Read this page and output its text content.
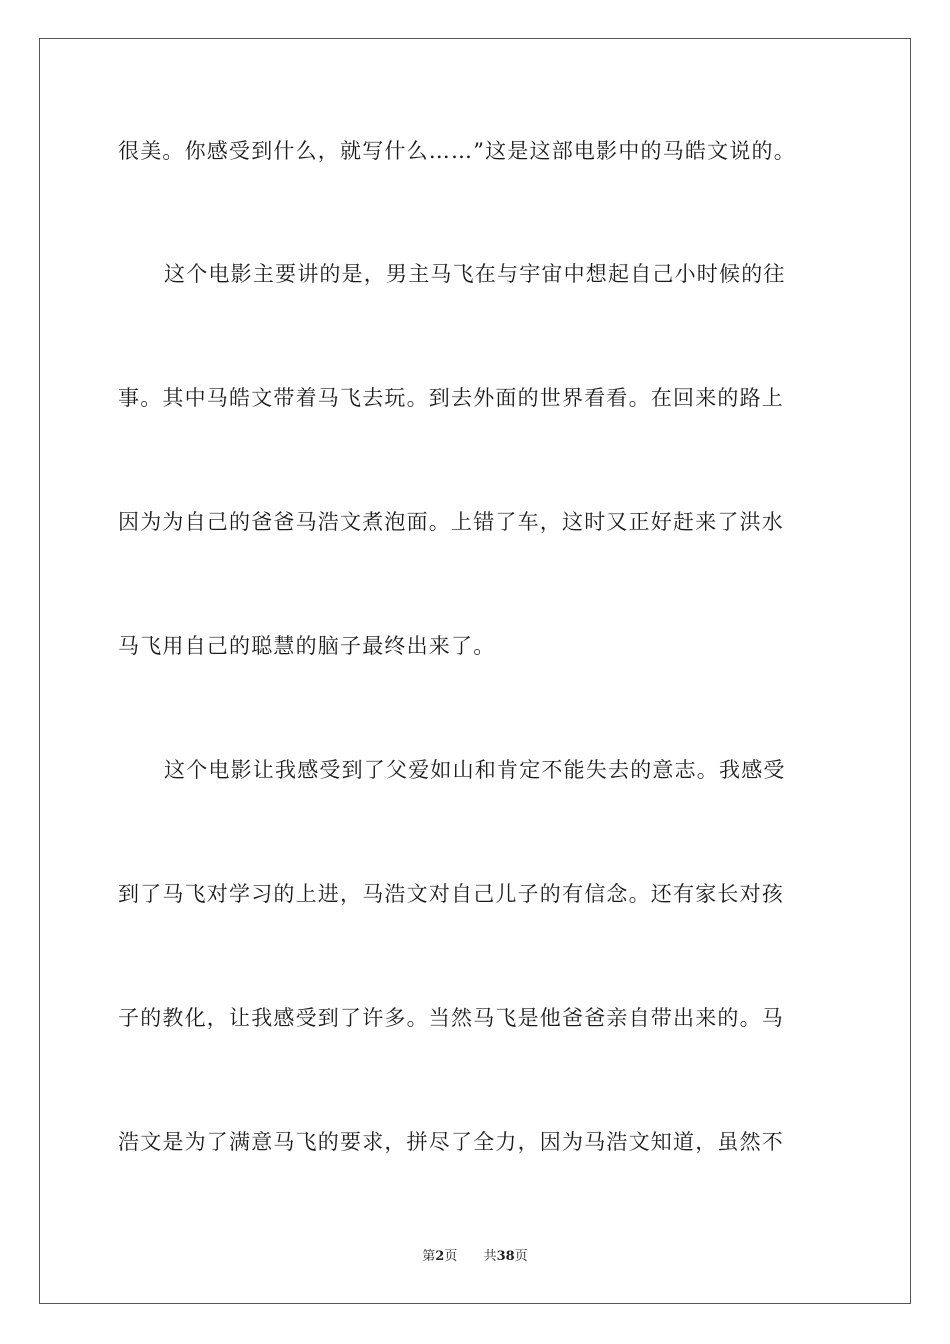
很美。你感受到什么，就写什么……”这是这部电影中的马皓文说的。
这个电影主要讲的是，男主马飞在与宇宙中想起自己小时候的往
事。其中马皓文带着马飞去玩。到去外面的世界看看。在回来的路上
因为为自己的爸爸马浩文煮泡面。上错了车，这时又正好赶来了洪水
马飞用自己的聪慧的脑子最终出来了。
这个电影让我感受到了父爱如山和肯定不能失去的意志。我感受
到了马飞对学习的上进，马浩文对自己儿子的有信念。还有家长对孩
子的教化，让我感受到了许多。当然马飞是他爸爸亲自带出来的。马
浩文是为了满意马飞的要求，拼尽了全力，因为马浩文知道，虽然不
第2页 共38页
